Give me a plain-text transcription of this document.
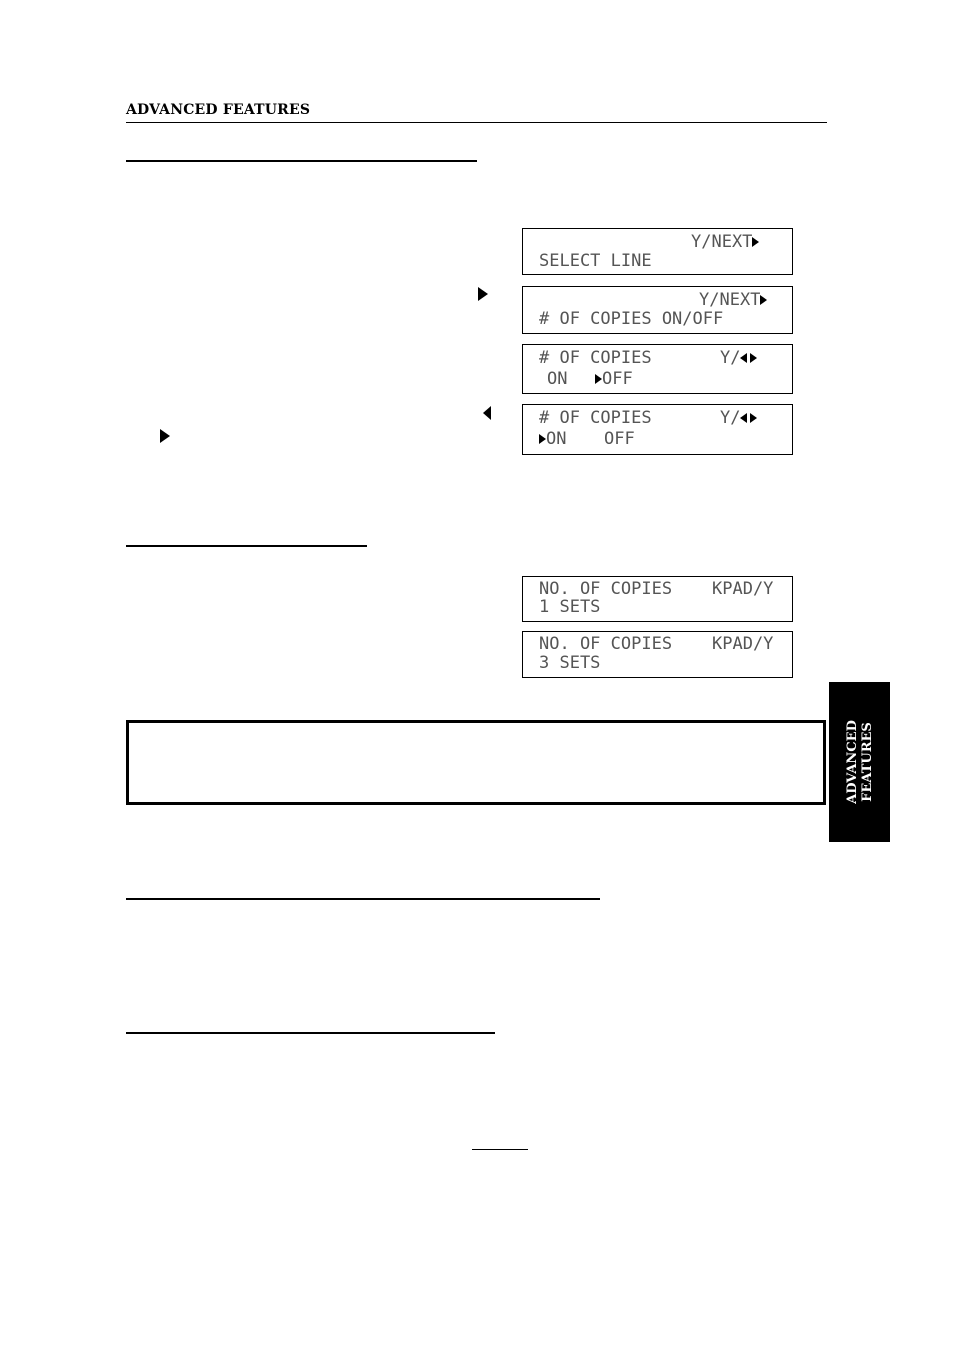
ADVANCED FEATURES
Y/NEXT
SELECT LINE
Y/NEXT
# OF COPIES ON/OFF
# OF COPIES	Y/
ON	OFF
# OF COPIES	Y/
ON OFF
NO. OF COPIES KPAD/Y
1 SETS
NO. OF COPIES KPAD/Y
3 SETS
ADVANCED FEATURES
